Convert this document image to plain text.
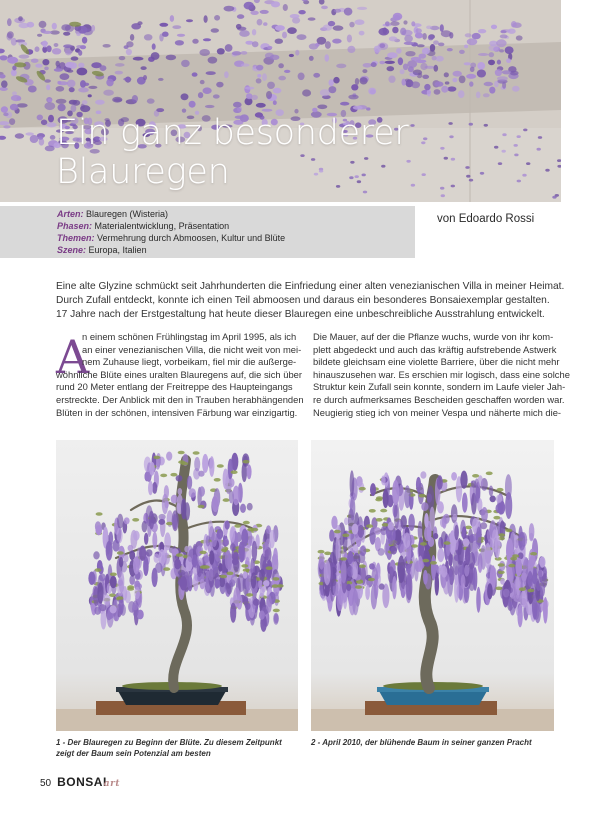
Ein ganz besonderer
Blauregen
Arten: Blauregen (Wisteria)
Phasen: Materialentwicklung, Präsentation
Themen: Vermehrung durch Abmoosen, Kultur und Blüte
Szene: Europa, Italien
von Edoardo Rossi

Eine alte Glyzine schmückt seit Jahrhunderten die Einfriedung einer alten venezianischen Villa in meiner Heimat.

Durch Zufall entdeckt, konnte ich einen Teil abmoosen und daraus ein besonderes Bonsaiexemplar gestalten.

17 Jahre nach der Erstgestaltung hat heute dieser Blauregen eine unbeschreibliche Ausstrahlung entwickelt.

A
n einem schönen Frühlingstag im April 1995, als ich
an einer venezianischen Villa, die nicht weit von mei-
nem Zuhause liegt, vorbeikam, fiel mir die außerge-
wöhnliche Blüte eines uralten Blauregens auf, die sich über
rund 20 Meter entlang der Freitreppe des Haupteingangs
erstreckte. Der Anblick mit den in Trauben herabhängenden
Blüten in der schönen, intensiven Färbung war einzigartig.
Die Mauer, auf der die Pflanze wuchs, wurde von ihr kom-
plett abgedeckt und auch das kräftig aufstrebende Astwerk
bildete gleichsam eine violette Barriere, über die nicht mehr
hinauszusehen war. Es erschien mir logisch, dass eine solche
Struktur kein Zufall sein konnte, sondern im Laufe vieler Jah-
re durch aufmerksames Bescheiden geschaffen worden war.
Neugierig stieg ich von meiner Vespa und näherte mich die-
1 - Der Blauregen zu Beginn der Blüte. Zu diesem Zeitpunkt zeigt der Baum sein Potenzial am besten
2 - April 2010, der blühende Baum in seiner ganzen Pracht
50 BONSAIart
